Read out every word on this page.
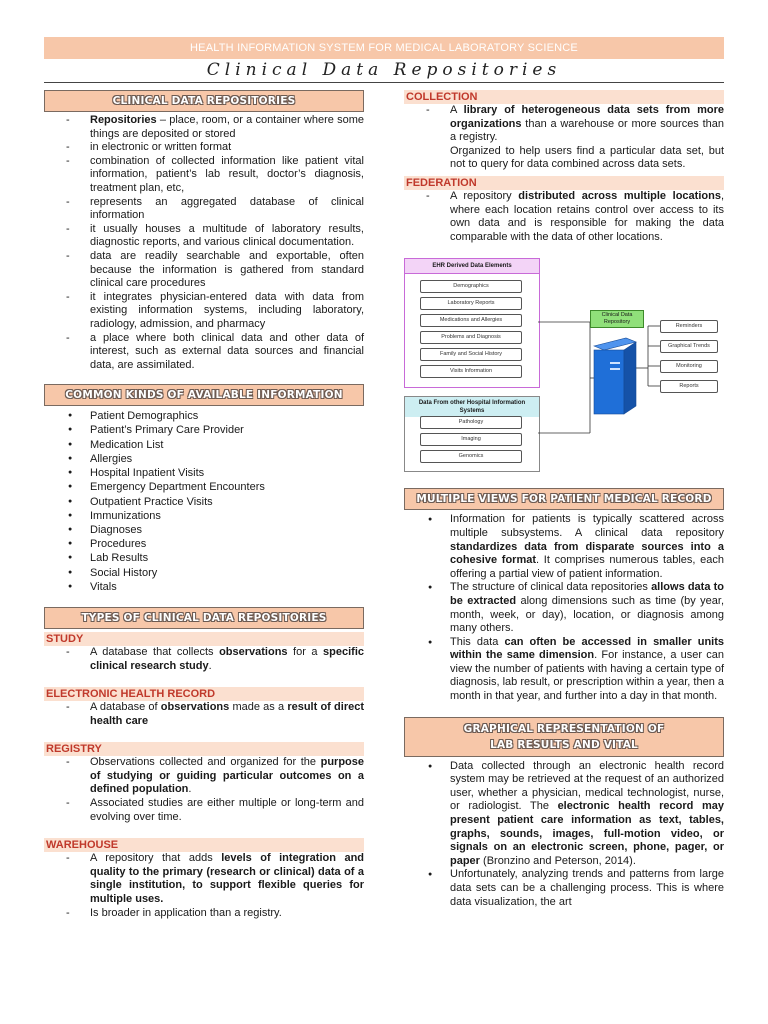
HEALTH INFORMATION SYSTEM FOR MEDICAL LABORATORY SCIENCE
Clinical Data Repositories
CLINICAL DATA REPOSITORIES
- Repositories – place, room, or a container where some things are deposited or stored
- in electronic or written format
- combination of collected information like patient vital information, patient’s lab result, doctor’s diagnosis, treatment plan, etc,
- represents an aggregated database of clinical information
- it usually houses a multitude of laboratory results, diagnostic reports, and various clinical documentation.
- data are readily searchable and exportable, often because the information is gathered from standard clinical care procedures
- it integrates physician-entered data with data from existing information systems, including laboratory, radiology, admission, and pharmacy
- a place where both clinical data and other data of interest, such as external data sources and financial data, are assimilated.
COMMON KINDS OF AVAILABLE INFORMATION
● Patient Demographics
● Patient’s Primary Care Provider
● Medication List
● Allergies
● Hospital Inpatient Visits
● Emergency Department Encounters
● Outpatient Practice Visits
● Immunizations
● Diagnoses
● Procedures
● Lab Results
● Social History
● Vitals
TYPES OF CLINICAL DATA REPOSITORIES
STUDY
- A database that collects observations for a specific clinical research study.
ELECTRONIC HEALTH RECORD
- A database of observations made as a result of direct health care
REGISTRY
- Observations collected and organized for the purpose of studying or guiding particular outcomes on a defined population.
- Associated studies are either multiple or long-term and evolving over time.
WAREHOUSE
- A repository that adds levels of integration and quality to the primary (research or clinical) data of a single institution, to support flexible queries for multiple uses.
- Is broader in application than a registry.
COLLECTION
- A library of heterogeneous data sets from more organizations than a warehouse or more sources than a registry.
Organized to help users find a particular data set, but not to query for data combined across data sets.
FEDERATION
- A repository distributed across multiple locations, where each location retains control over access to its own data and is responsible for making the data comparable with the data of other locations.
EHR Derived Data Elements
Demographics
Laboratory Reports
Medications and Allergies
Problems and Diagnosis
Family and Social History
Visits Information
Data From other Hospital Information Systems
Pathology
Imaging
Genomics
Clinical Data Repository
Reminders
Graphical Trends
Monitoring
Reports
MULTIPLE VIEWS FOR PATIENT MEDICAL RECORD
● Information for patients is typically scattered across multiple subsystems. A clinical data repository standardizes data from disparate sources into a cohesive format. It comprises numerous tables, each offering a partial view of patient information.
● The structure of clinical data repositories allows data to be extracted along dimensions such as time (by year, month, week, or day), location, or diagnosis among many others.
● This data can often be accessed in smaller units within the same dimension. For instance, a user can view the number of patients with having a certain type of diagnosis, lab result, or prescription within a year, then a month in that year, and further into a day in that month.
GRAPHICAL REPRESENTATION OF
LAB RESULTS AND VITAL
● Data collected through an electronic health record system may be retrieved at the request of an authorized user, whether a physician, medical technologist, nurse, or radiologist. The electronic health record may present patient care information as text, tables, graphs, sounds, images, full-motion video, or signals on an electronic screen, phone, pager, or paper (Bronzino and Peterson, 2014).
● Unfortunately, analyzing trends and patterns from large data sets can be a challenging process. This is where data visualization, the art
